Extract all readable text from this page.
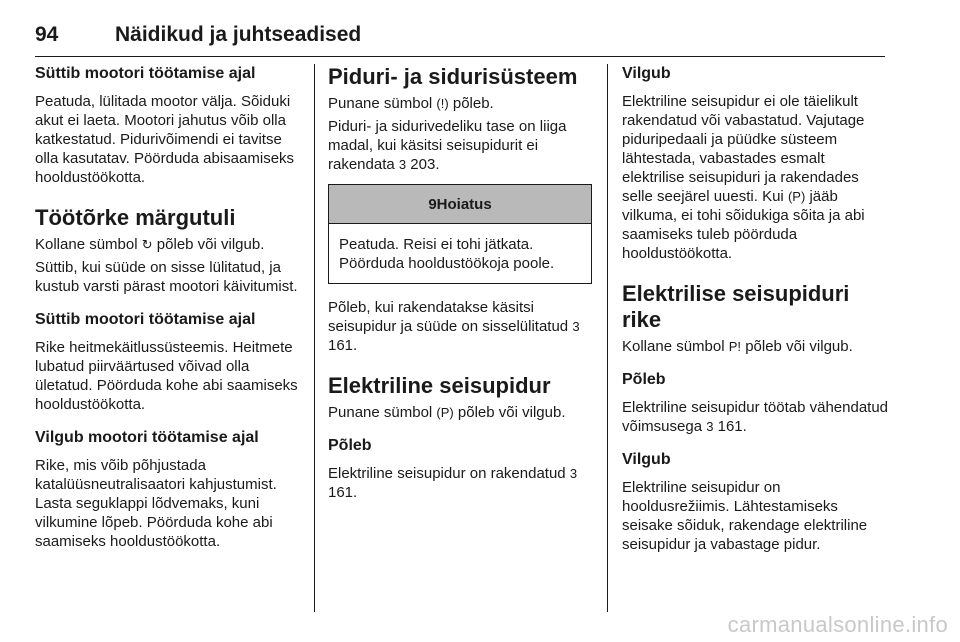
94	Näidikud ja juhtseadised
Süttib mootori töötamise ajal

Peatuda, lülitada mootor välja. Sõiduki akut ei laeta. Mootori jahutus võib olla katkestatud. Pidurivõimendi ei tavitse olla kasutatav. Pöörduda abisaamiseks hooldustöökotta.

Töötõrke märgutuli

Kollane sümbol ↻ põleb või vilgub.

Süttib, kui süüde on sisse lülitatud, ja kustub varsti pärast mootori käivitumist.

Süttib mootori töötamise ajal

Rike heitmekäitlussüsteemis. Heitmete lubatud piirväärtused võivad olla ületatud. Pöörduda kohe abi saamiseks hooldustöökotta.

Vilgub mootori töötamise ajal

Rike, mis võib põhjustada katalüüsneutralisaatori kahjustumist. Lasta seguklappi lõdvemaks, kuni vilkumine lõpeb. Pöörduda kohe abi saamiseks hooldustöökotta.

Piduri- ja sidurisüsteem

Punane sümbol (!) põleb.

Piduri- ja sidurivedeliku tase on liiga madal, kui käsitsi seisupidurit ei rakendata 3 203.

9 Hoiatus

Peatuda. Reisi ei tohi jätkata. Pöörduda hooldustöökoja poole.

Põleb, kui rakendatakse käsitsi seisupidur ja süüde on sisselülitatud 3 161.

Elektriline seisupidur

Punane sümbol (P) põleb või vilgub.

Põleb

Elektriline seisupidur on rakendatud 3 161.

Vilgub

Elektriline seisupidur ei ole täielikult rakendatud või vabastatud. Vajutage piduripedaali ja püüdke süsteem lähtestada, vabastades esmalt elektrilise seisupiduri ja rakendades selle seejärel uuesti. Kui (P) jääb vilkuma, ei tohi sõidukiga sõita ja abi saamiseks tuleb pöörduda hooldustöökotta.

Elektrilise seisupiduri rike

Kollane sümbol P! põleb või vilgub.

Põleb

Elektriline seisupidur töötab vähendatud võimsusega 3 161.

Vilgub

Elektriline seisupidur on hooldusrežiimis. Lähtestamiseks seisake sõiduk, rakendage elektriline seisupidur ja vabastage pidur.

carmanualsonline.info
